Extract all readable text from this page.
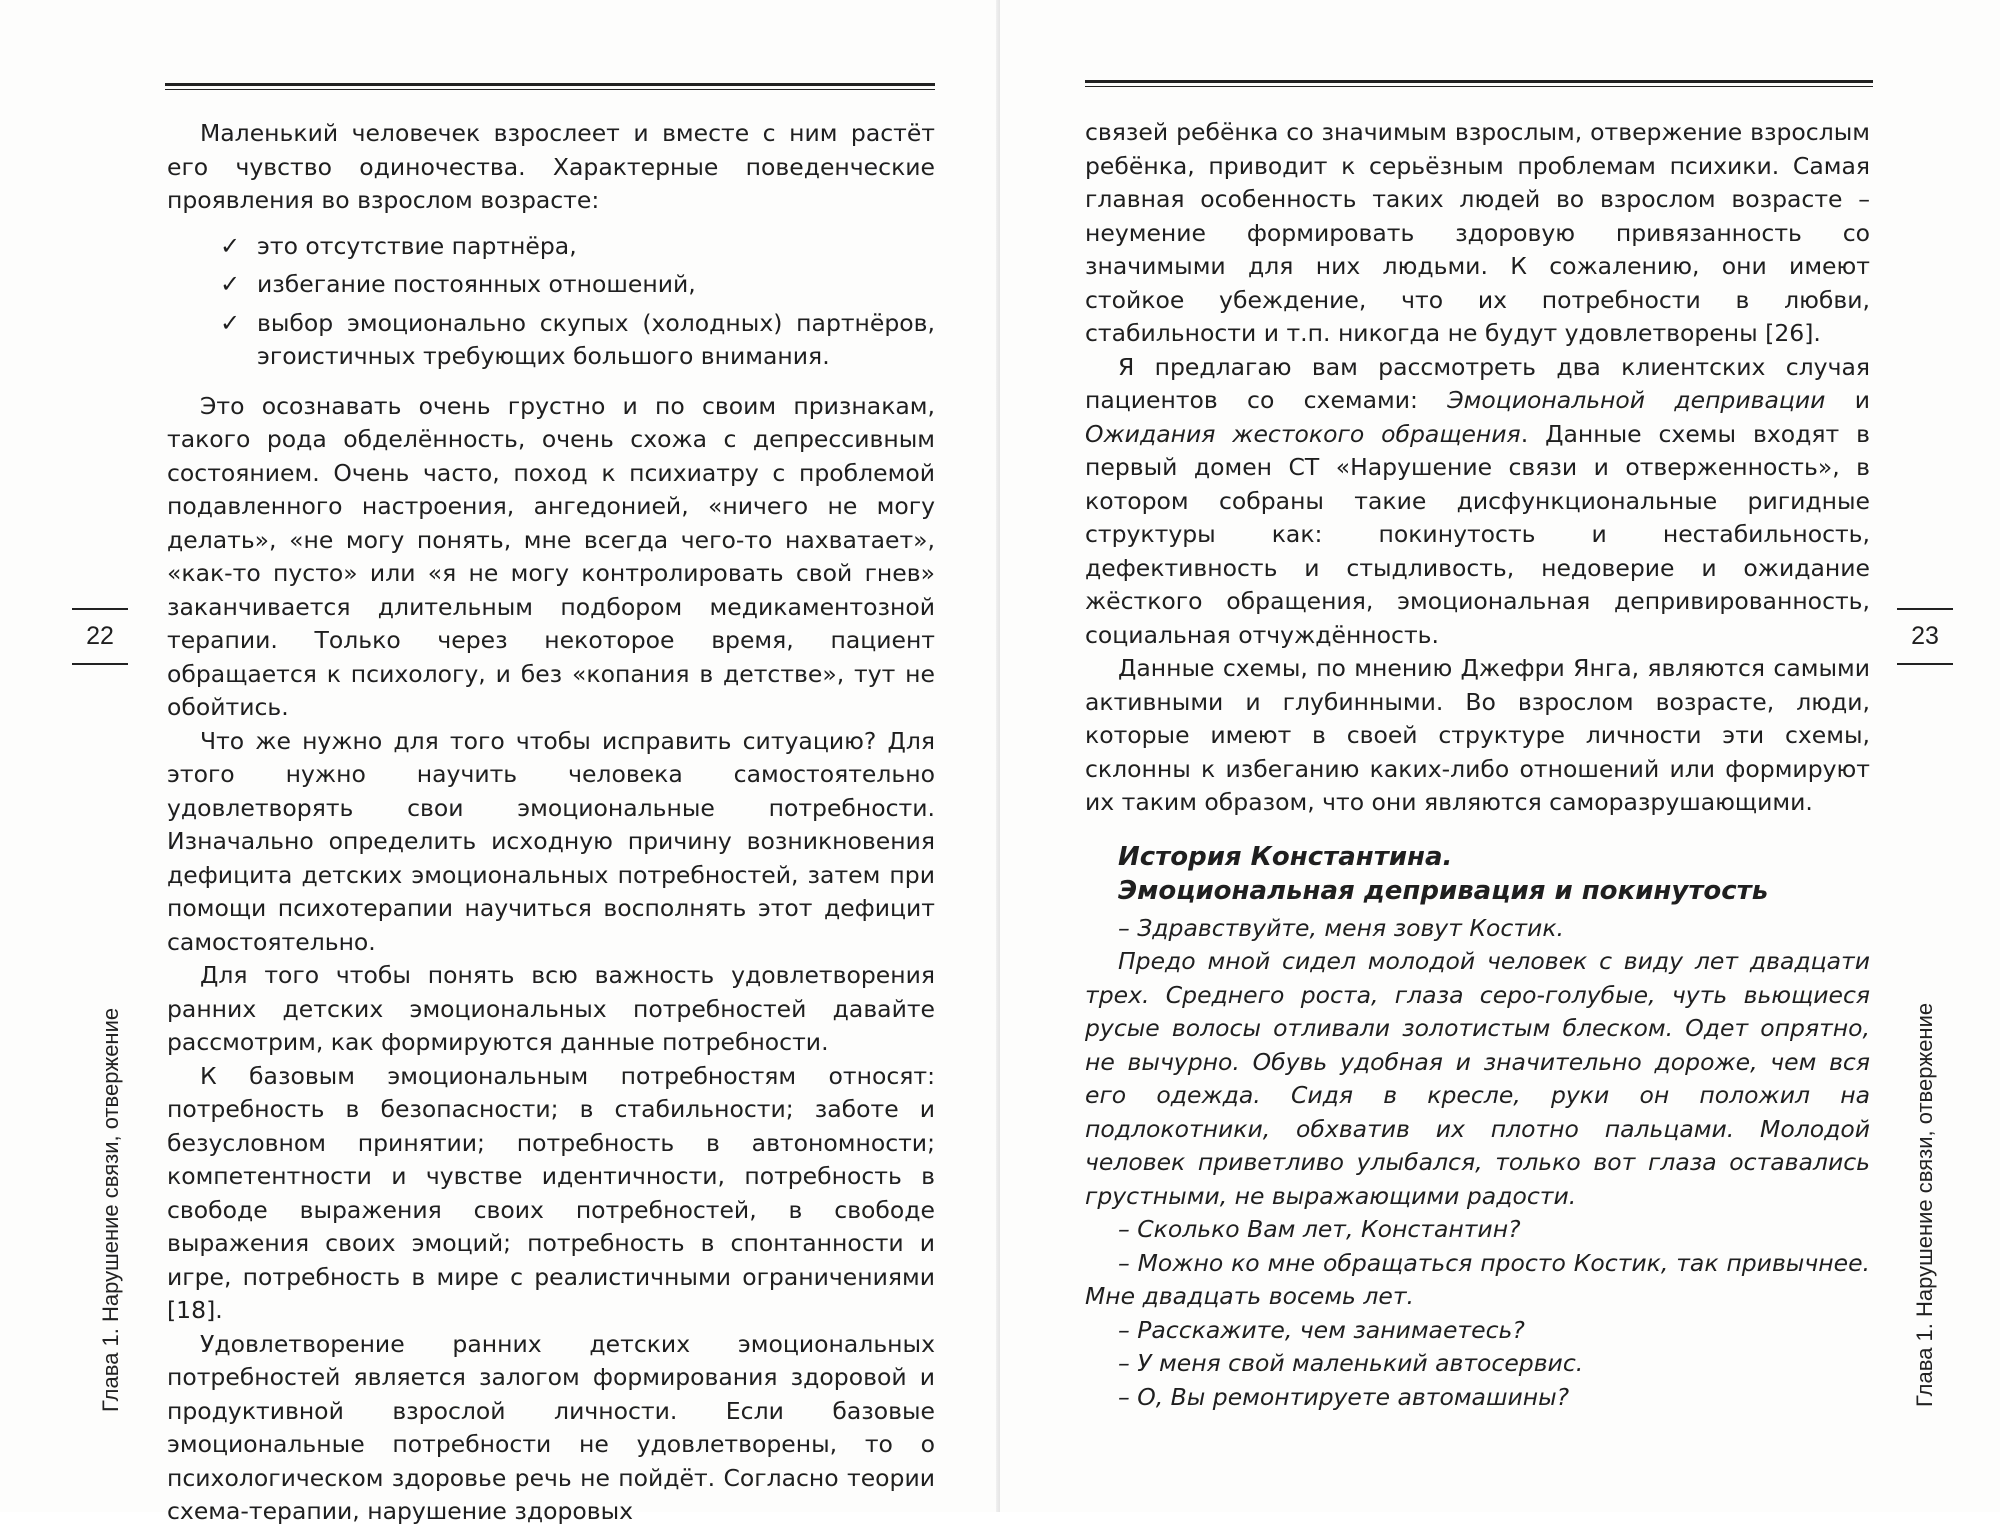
Маленький человечек взрослеет и вместе с ним растёт его чувство одиночества. Характерные поведенческие проявления во взрослом возрасте:

✓ это отсутствие партнёра,
✓ избегание постоянных отношений,
✓ выбор эмоционально скупых (холодных) партнёров, эгоистичных требующих большого внимания.

Это осознавать очень грустно и по своим признакам, такого рода обделённость, очень схожа с депрессивным состоянием. Очень часто, поход к психиатру с проблемой подавленного настроения, ангедонией, «ничего не могу делать», «не могу понять, мне всегда чего-то нахватает», «как-то пусто» или «я не могу контролировать свой гнев» заканчивается длительным подбором медикаментозной терапии. Только через некоторое время, пациент обращается к психологу, и без «копания в детстве», тут не обойтись.

Что же нужно для того чтобы исправить ситуацию? Для этого нужно научить человека самостоятельно удовлетворять свои эмоциональные потребности. Изначально определить исходную причину возникновения дефицита детских эмоциональных потребностей, затем при помощи психотерапии научиться восполнять этот дефицит самостоятельно.

Для того чтобы понять всю важность удовлетворения ранних детских эмоциональных потребностей давайте рассмотрим, как формируются данные потребности.

К базовым эмоциональным потребностям относят: потребность в безопасности; в стабильности; заботе и безусловном принятии; потребность в автономности; компетентности и чувстве идентичности, потребность в свободе выражения своих потребностей, в свободе выражения своих эмоций; потребность в спонтанности и игре, потребность в мире с реалистичными ограничениями [18].

Удовлетворение ранних детских эмоциональных потребностей является залогом формирования здоровой и продуктивной взрослой личности. Если базовые эмоциональные потребности не удовлетворены, то о психологическом здоровье речь не пойдёт. Согласно теории схема-терапии, нарушение здоровых

22
Глава 1. Нарушение связи, отвержение

связей ребёнка со значимым взрослым, отвержение взрослым ребёнка, приводит к серьёзным проблемам психики. Самая главная особенность таких людей во взрослом возрасте – неумение формировать здоровую привязанность со значимыми для них людьми. К сожалению, они имеют стойкое убеждение, что их потребности в любви, стабильности и т.п. никогда не будут удовлетворены [26].

Я предлагаю вам рассмотреть два клиентских случая пациентов со схемами: Эмоциональной депривации и Ожидания жестокого обращения. Данные схемы входят в первый домен СТ «Нарушение связи и отверженность», в котором собраны такие дисфункциональные ригидные структуры как: покинутость и нестабильность, дефективность и стыдливость, недоверие и ожидание жёсткого обращения, эмоциональная депривированность, социальная отчуждённость.

Данные схемы, по мнению Джефри Янга, являются самыми активными и глубинными. Во взрослом возрасте, люди, которые имеют в своей структуре личности эти схемы, склонны к избеганию каких-либо отношений или формируют их таким образом, что они являются саморазрушающими.

История Константина.
Эмоциональная депривация и покинутость

– Здравствуйте, меня зовут Костик.

Предо мной сидел молодой человек с виду лет двадцати трех. Среднего роста, глаза серо-голубые, чуть вьющиеся русые волосы отливали золотистым блеском. Одет опрятно, не вычурно. Обувь удобная и значительно дороже, чем вся его одежда. Сидя в кресле, руки он положил на подлокотники, обхватив их плотно пальцами. Молодой человек приветливо улыбался, только вот глаза оставались грустными, не выражающими радости.

– Сколько Вам лет, Константин?

– Можно ко мне обращаться просто Костик, так привычнее. Мне двадцать восемь лет.

– Расскажите, чем занимаетесь?

– У меня свой маленький автосервис.

– О, Вы ремонтируете автомашины?

23
Глава 1. Нарушение связи, отвержение
